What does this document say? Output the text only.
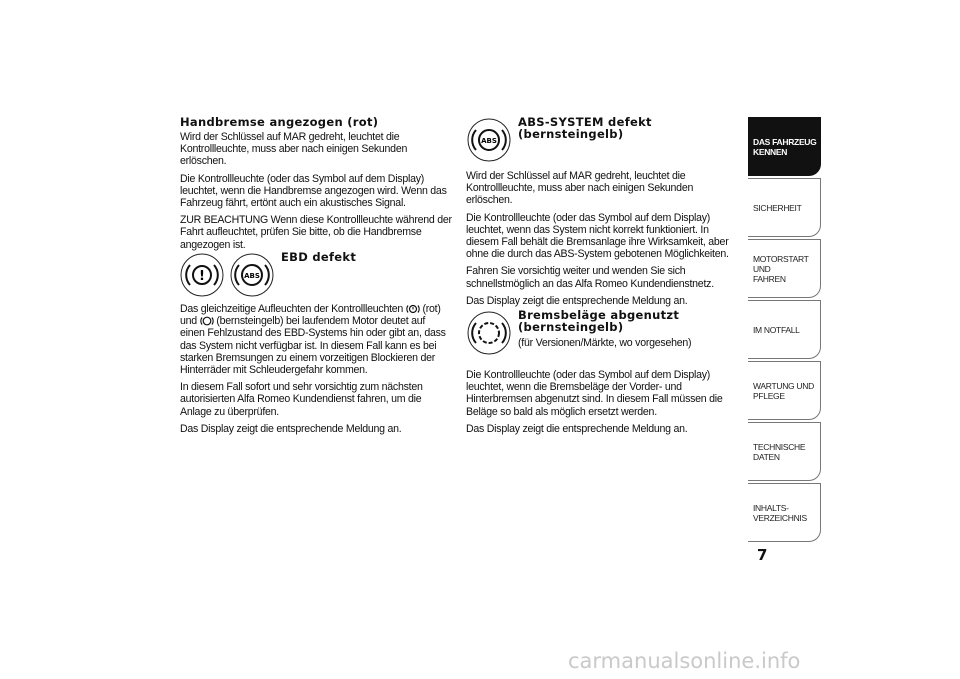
Handbremse angezogen (rot)

Wird der Schlüssel auf MAR gedreht, leuchtet die Kontrollleuchte, muss aber nach einigen Sekunden erlöschen.

Die Kontrollleuchte (oder das Symbol auf dem Display) leuchtet, wenn die Handbremse angezogen wird. Wenn das Fahrzeug fährt, ertönt auch ein akustisches Signal.

ZUR BEACHTUNG Wenn diese Kontrollleuchte während der Fahrt aufleuchtet, prüfen Sie bitte, ob die Handbremse angezogen ist.

EBD defekt
!	ABS

Das gleichzeitige Aufleuchten der Kontrollleuchten (rot) und (bernsteingelb) bei laufendem Motor deutet auf einen Fehlzustand des EBD-Systems hin oder gibt an, dass das System nicht verfügbar ist. In diesem Fall kann es bei starken Bremsungen zu einem vorzeitigen Blockieren der Hinterräder mit Schleudergefahr kommen.

In diesem Fall sofort und sehr vorsichtig zum nächsten autorisierten Alfa Romeo Kundendienst fahren, um die Anlage zu überprüfen.

Das Display zeigt die entsprechende Meldung an.

ABS
ABS-SYSTEM defekt
(bernsteingelb)

Wird der Schlüssel auf MAR gedreht, leuchtet die Kontrollleuchte, muss aber nach einigen Sekunden erlöschen.

Die Kontrollleuchte (oder das Symbol auf dem Display) leuchtet, wenn das System nicht korrekt funktioniert. In diesem Fall behält die Bremsanlage ihre Wirksamkeit, aber ohne die durch das ABS-System gebotenen Möglichkeiten.

Fahren Sie vorsichtig weiter und wenden Sie sich schnellstmöglich an das Alfa Romeo Kundendienstnetz.

Das Display zeigt die entsprechende Meldung an.

Bremsbeläge abgenutzt
(bernsteingelb)
(für Versionen/Märkte, wo vorgesehen)

Die Kontrollleuchte (oder das Symbol auf dem Display) leuchtet, wenn die Bremsbeläge der Vorder- und Hinterbremsen abgenutzt sind. In diesem Fall müssen die Beläge so bald als möglich ersetzt werden.

Das Display zeigt die entsprechende Meldung an.

DAS FAHRZEUG
KENNEN
SICHERHEIT
MOTORSTART UND
FAHREN
IM NOTFALL
WARTUNG UND
PFLEGE
TECHNISCHE DATEN
INHALTS-
VERZEICHNIS
7
carmanualsonline.info
